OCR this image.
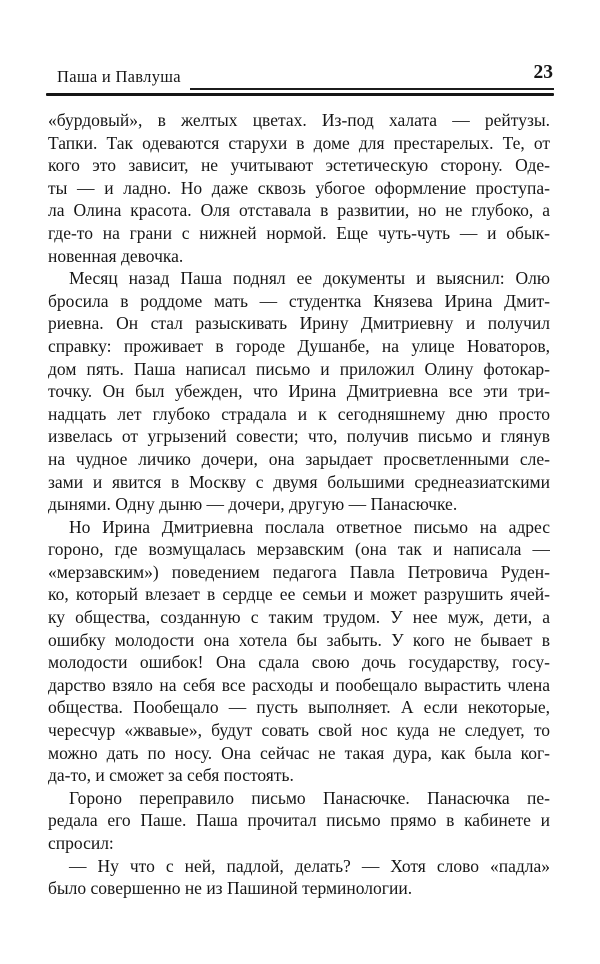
Паша и Павлуша	23
«бурдовый», в желтых цветах. Из-под халата — рейтузы.
Тапки. Так одеваются старухи в доме для престарелых. Те, от
кого это зависит, не учитывают эстетическую сторону. Оде-
ты — и ладно. Но даже сквозь убогое оформление проступа-
ла Олина красота. Оля отставала в развитии, но не глубоко, а
где-то на грани с нижней нормой. Еще чуть-чуть — и обык-
новенная девочка.
Месяц назад Паша поднял ее документы и выяснил: Олю
бросила в роддоме мать — студентка Князева Ирина Дмит-
риевна. Он стал разыскивать Ирину Дмитриевну и получил
справку: проживает в городе Душанбе, на улице Новаторов,
дом пять. Паша написал письмо и приложил Олину фотокар-
точку. Он был убежден, что Ирина Дмитриевна все эти три-
надцать лет глубоко страдала и к сегодняшнему дню просто
извелась от угрызений совести; что, получив письмо и глянув
на чудное личико дочери, она зарыдает просветленными сле-
зами и явится в Москву с двумя большими среднеазиатскими
дынями. Одну дыню — дочери, другую — Панасючке.
Но Ирина Дмитриевна послала ответное письмо на адрес
гороно, где возмущалась мерзавским (она так и написала —
«мерзавским») поведением педагога Павла Петровича Руден-
ко, который влезает в сердце ее семьи и может разрушить ячей-
ку общества, созданную с таким трудом. У нее муж, дети, а
ошибку молодости она хотела бы забыть. У кого не бывает в
молодости ошибок! Она сдала свою дочь государству, госу-
дарство взяло на себя все расходы и пообещало вырастить члена
общества. Пообещало — пусть выполняет. А если некоторые,
чересчур «жвавые», будут совать свой нос куда не следует, то
можно дать по носу. Она сейчас не такая дура, как была ког-
да-то, и сможет за себя постоять.
Гороно переправило письмо Панасючке. Панасючка пе-
редала его Паше. Паша прочитал письмо прямо в кабинете и
спросил:
— Ну что с ней, падлой, делать? — Хотя слово «падла»
было совершенно не из Пашиной терминологии.
